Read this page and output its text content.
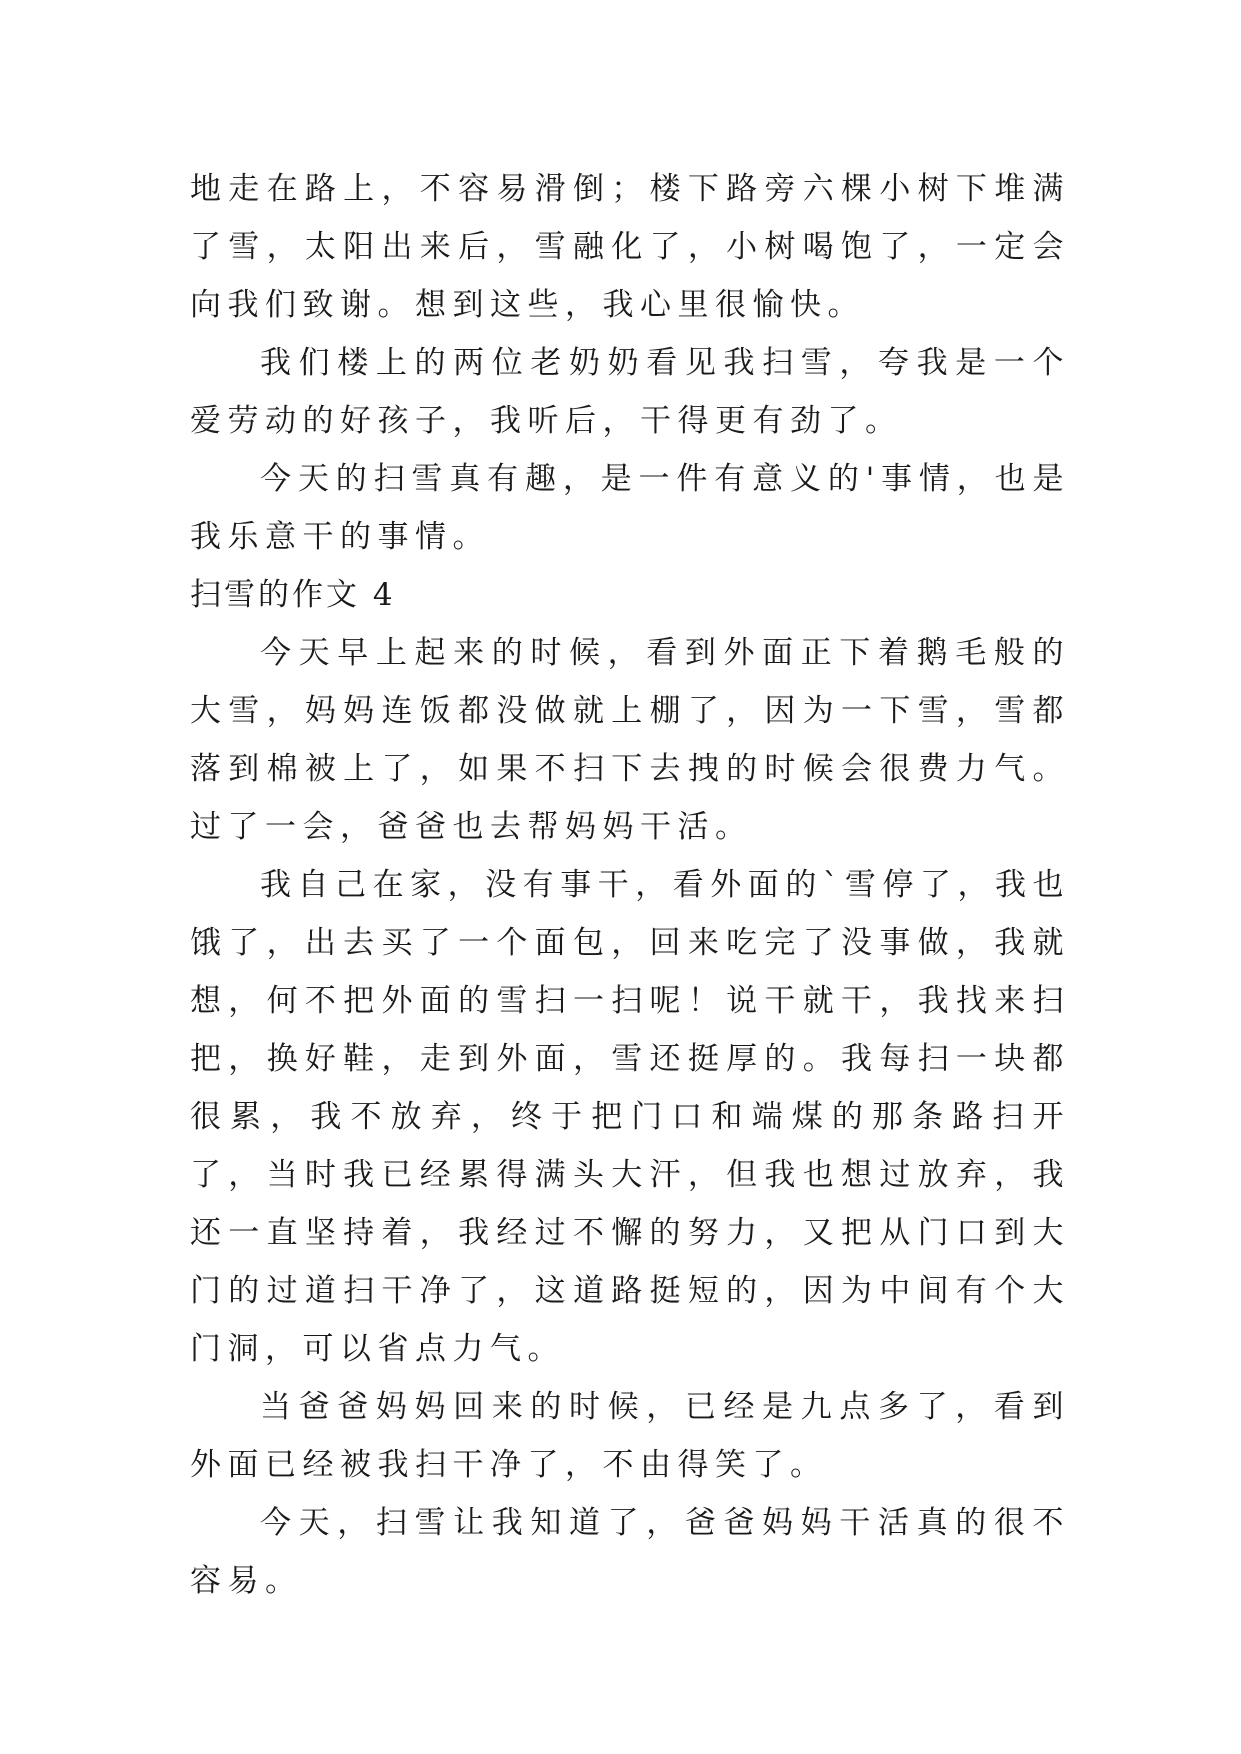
地走在路上，不容易滑倒；楼下路旁六棵小树下堆满了雪，太阳出来后，雪融化了，小树喝饱了，一定会向我们致谢。想到这些，我心里很愉快。

我们楼上的两位老奶奶看见我扫雪，夸我是一个爱劳动的好孩子，我听后，干得更有劲了。

今天的扫雪真有趣，是一件有意义的'事情，也是我乐意干的事情。

扫雪的作文 4

今天早上起来的时候，看到外面正下着鹅毛般的大雪，妈妈连饭都没做就上棚了，因为一下雪，雪都落到棉被上了，如果不扫下去拽的时候会很费力气。过了一会，爸爸也去帮妈妈干活。

我自己在家，没有事干，看外面的`雪停了，我也饿了，出去买了一个面包，回来吃完了没事做，我就想，何不把外面的雪扫一扫呢！说干就干，我找来扫把，换好鞋，走到外面，雪还挺厚的。我每扫一块都很累，我不放弃，终于把门口和端煤的那条路扫开了，当时我已经累得满头大汗，但我也想过放弃，我还一直坚持着，我经过不懈的努力，又把从门口到大门的过道扫干净了，这道路挺短的，因为中间有个大门洞，可以省点力气。

当爸爸妈妈回来的时候，已经是九点多了，看到外面已经被我扫干净了，不由得笑了。

今天，扫雪让我知道了，爸爸妈妈干活真的很不容易。
